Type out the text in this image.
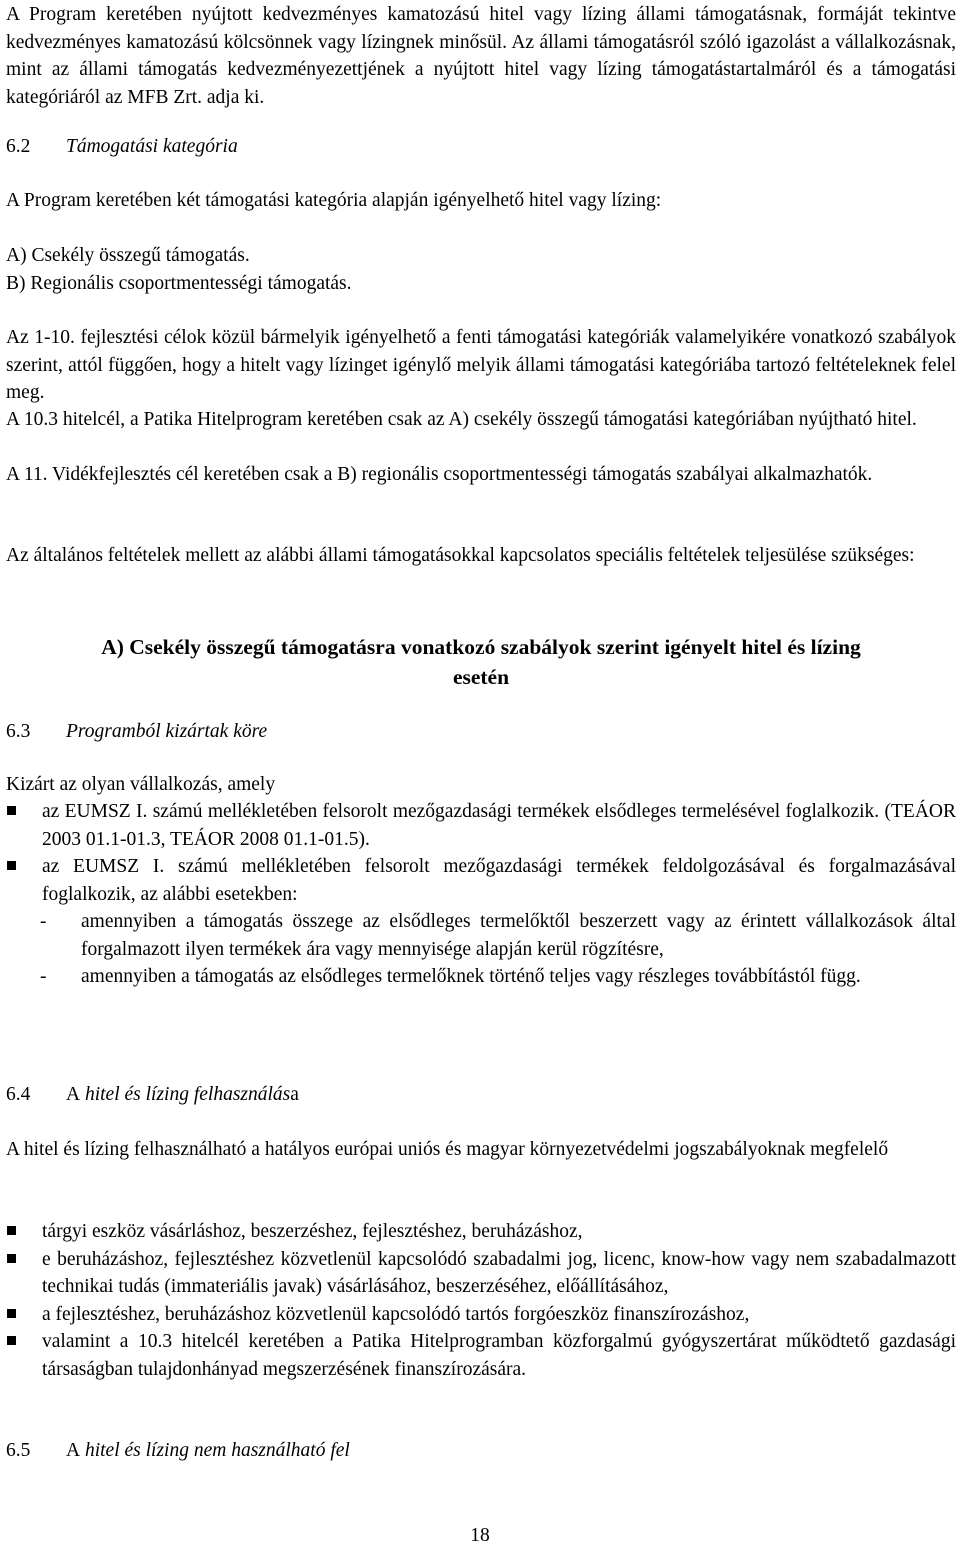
A Program keretében nyújtott kedvezményes kamatozású hitel vagy lízing állami támogatásnak, formáját tekintve kedvezményes kamatozású kölcsönnek vagy lízingnek minősül. Az állami támogatásról szóló igazolást a vállalkozásnak, mint az állami támogatás kedvezményezettjének a nyújtott hitel vagy lízing támogatástartalmáról és a támogatási kategóriáról az MFB Zrt. adja ki.

6.2 Támogatási kategória

A Program keretében két támogatási kategória alapján igényelhető hitel vagy lízing:

A) Csekély összegű támogatás.

B) Regionális csoportmentességi támogatás.

Az 1-10. fejlesztési célok közül bármelyik igényelhető a fenti támogatási kategóriák valamelyikére vonatkozó szabályok szerint, attól függően, hogy a hitelt vagy lízinget igénylő melyik állami támogatási kategóriába tartozó feltételeknek felel meg.

A 10.3 hitelcél, a Patika Hitelprogram keretében csak az A) csekély összegű támogatási kategóriában nyújtható hitel.

A 11. Vidékfejlesztés cél keretében csak a B) regionális csoportmentességi támogatás szabályai alkalmazhatók.

Az általános feltételek mellett az alábbi állami támogatásokkal kapcsolatos speciális feltételek teljesülése szükséges:

A) Csekély összegű támogatásra vonatkozó szabályok szerint igényelt hitel és lízing
esetén
6.3 Programból kizártak köre

Kizárt az olyan vállalkozás, amely

az EUMSZ I. számú mellékletében felsorolt mezőgazdasági termékek elsődleges termelésével foglalkozik. (TEÁOR 2003 01.1-01.3, TEÁOR 2008 01.1-01.5).
az EUMSZ I. számú mellékletében felsorolt mezőgazdasági termékek feldolgozásával és forgalmazásával foglalkozik, az alábbi esetekben:
- amennyiben a támogatás összege az elsődleges termelőktől beszerzett vagy az érintett vállalkozások által forgalmazott ilyen termékek ára vagy mennyisége alapján kerül rögzítésre,
- amennyiben a támogatás az elsődleges termelőknek történő teljes vagy részleges továbbítástól függ.
6.4 A hitel és lízing felhasználása

A hitel és lízing felhasználható a hatályos európai uniós és magyar környezetvédelmi jogszabályoknak megfelelő

tárgyi eszköz vásárláshoz, beszerzéshez, fejlesztéshez, beruházáshoz,
e beruházáshoz, fejlesztéshez közvetlenül kapcsolódó szabadalmi jog, licenc, know-how vagy nem szabadalmazott technikai tudás (immateriális javak) vásárlásához, beszerzéséhez, előállításához,
a fejlesztéshez, beruházáshoz közvetlenül kapcsolódó tartós forgóeszköz finanszírozáshoz,
valamint a 10.3 hitelcél keretében a Patika Hitelprogramban közforgalmú gyógyszertárat működtető gazdasági társaságban tulajdonhányad megszerzésének finanszírozására.
6.5 A hitel és lízing nem használható fel
18
